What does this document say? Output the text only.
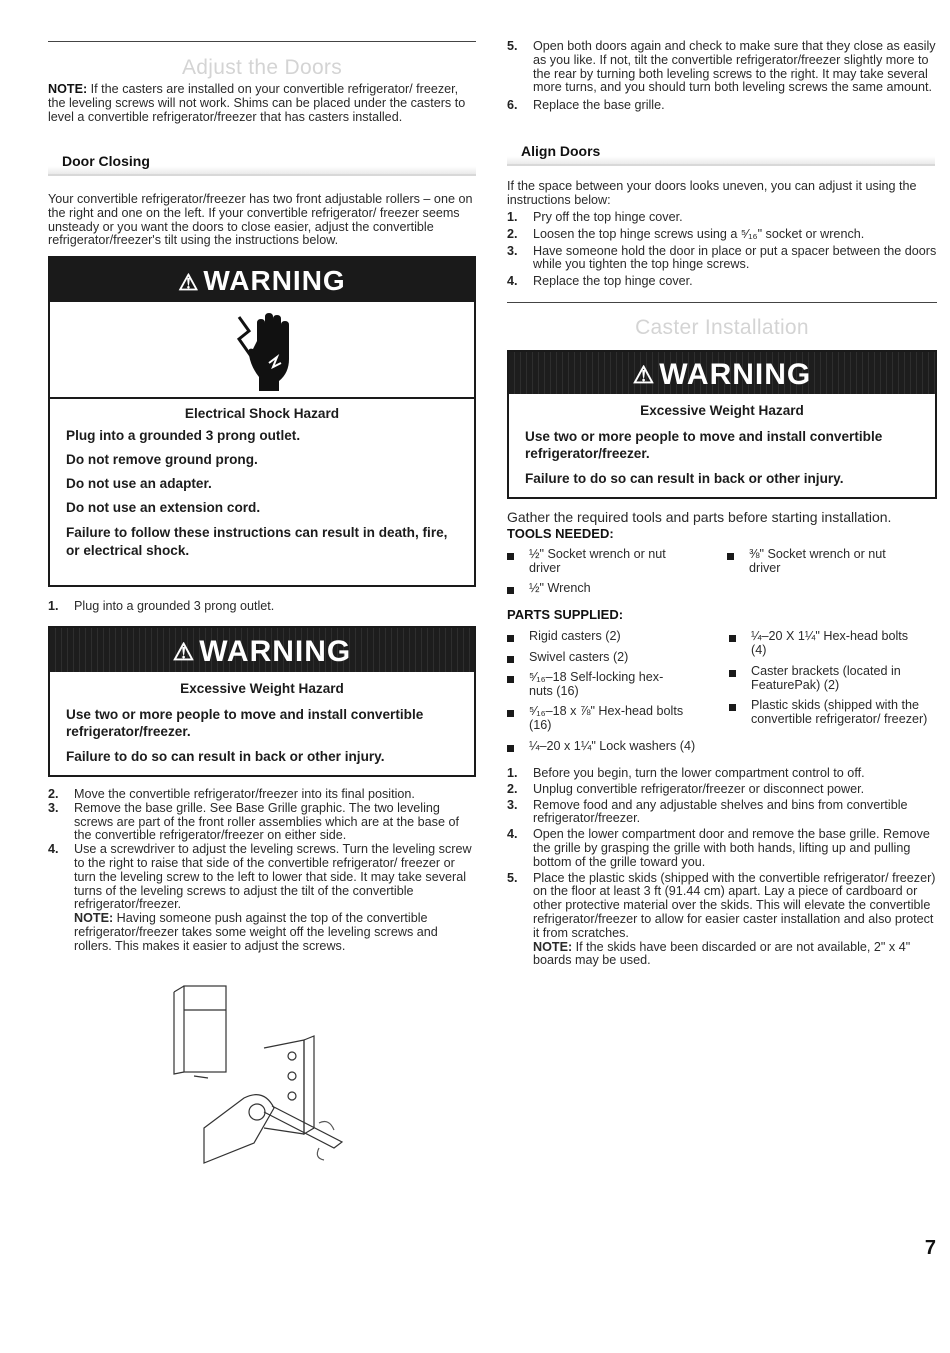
Adjust the Doors
NOTE: If the casters are installed on your convertible refrigerator/ freezer, the leveling screws will not work. Shims can be placed under the casters to level a convertible refrigerator/freezer that has casters installed.
Door Closing
Your convertible refrigerator/freezer has two front adjustable rollers – one on the right and one on the left. If your convertible refrigerator/ freezer seems unsteady or you want the doors to close easier, adjust the convertible refrigerator/freezer's tilt using the instructions below.
⚠ WARNING
Electrical Shock Hazard

Plug into a grounded 3 prong outlet.

Do not remove ground prong.

Do not use an adapter.

Do not use an extension cord.

Failure to follow these instructions can result in death, fire, or electrical shock.

1. Plug into a grounded 3 prong outlet.
⚠ WARNING
Excessive Weight Hazard

Use two or more people to move and install convertible refrigerator/freezer.

Failure to do so can result in back or other injury.

2. Move the convertible refrigerator/freezer into its final position.
3. Remove the base grille. See Base Grille graphic. The two leveling screws are part of the front roller assemblies which are at the base of the convertible refrigerator/freezer on either side.
4. Use a screwdriver to adjust the leveling screws. Turn the leveling screw to the right to raise that side of the convertible refrigerator/ freezer or turn the leveling screw to the left to lower that side. It may take several turns of the leveling screws to adjust the tilt of the convertible refrigerator/freezer.
NOTE: Having someone push against the top of the convertible refrigerator/freezer takes some weight off the leveling screws and rollers. This makes it easier to adjust the screws.
5. Open both doors again and check to make sure that they close as easily as you like. If not, tilt the convertible refrigerator/freezer slightly more to the rear by turning both leveling screws to the right. It may take several more turns, and you should turn both leveling screws the same amount.
6. Replace the base grille.
Align Doors
If the space between your doors looks uneven, you can adjust it using the instructions below:
1. Pry off the top hinge cover.
2. Loosen the top hinge screws using a ⁵⁄₁₆" socket or wrench.
3. Have someone hold the door in place or put a spacer between the doors while you tighten the top hinge screws.
4. Replace the top hinge cover.
Caster Installation
⚠ WARNING
Excessive Weight Hazard

Use two or more people to move and install convertible refrigerator/freezer.

Failure to do so can result in back or other injury.

Gather the required tools and parts before starting installation.
TOOLS NEEDED:
½" Socket wrench or nut driver
⅜" Socket wrench or nut driver
½" Wrench
PARTS SUPPLIED:
Rigid casters (2)
Swivel casters (2)
⁵⁄₁₆–18 Self-locking hex-nuts (16)
⁵⁄₁₆–18 x ⅞" Hex-head bolts (16)
¼–20 x 1¼" Lock washers (4)
¼–20 X 1¼" Hex-head bolts (4)
Caster brackets (located in FeaturePak) (2)
Plastic skids (shipped with the convertible refrigerator/ freezer)
1. Before you begin, turn the lower compartment control to off.
2. Unplug convertible refrigerator/freezer or disconnect power.
3. Remove food and any adjustable shelves and bins from convertible refrigerator/freezer.
4. Open the lower compartment door and remove the base grille. Remove the grille by grasping the grille with both hands, lifting up and pulling bottom of the grille toward you.
5. Place the plastic skids (shipped with the convertible refrigerator/ freezer) on the floor at least 3 ft (91.44 cm) apart. Lay a piece of cardboard or other protective material over the skids. This will elevate the convertible refrigerator/freezer to allow for easier caster installation and also protect it from scratches.
NOTE: If the skids have been discarded or are not available, 2" x 4" boards may be used.
7
